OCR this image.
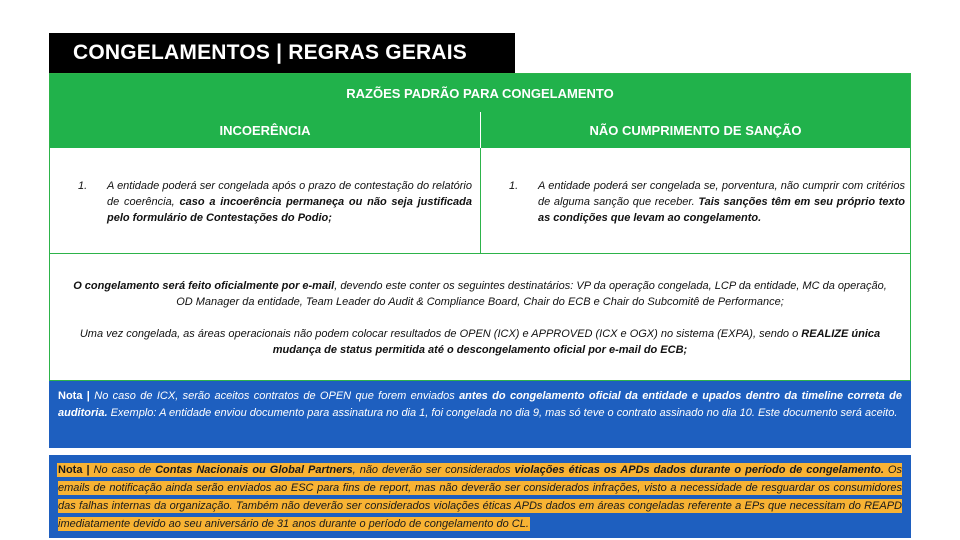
CONGELAMENTOS | REGRAS GERAIS
RAZÕES PADRÃO PARA CONGELAMENTO
INCOERÊNCIA	NÃO CUMPRIMENTO DE SANÇÃO
1. A entidade poderá ser congelada após o prazo de contestação do relatório de coerência, caso a incoerência permaneça ou não seja justificada pelo formulário de Contestações do Podio;
1. A entidade poderá ser congelada se, porventura, não cumprir com critérios de alguma sanção que receber. Tais sanções têm em seu próprio texto as condições que levam ao congelamento.
O congelamento será feito oficialmente por e-mail, devendo este conter os seguintes destinatários: VP da operação congelada, LCP da entidade, MC da operação, OD Manager da entidade, Team Leader do Audit & Compliance Board, Chair do ECB e Chair do Subcomitê de Performance;
Uma vez congelada, as áreas operacionais não podem colocar resultados de OPEN (ICX) e APPROVED (ICX e OGX) no sistema (EXPA), sendo o REALIZE única mudança de status permitida até o descongelamento oficial por e-mail do ECB;
Nota | No caso de ICX, serão aceitos contratos de OPEN que forem enviados antes do congelamento oficial da entidade e upados dentro da timeline correta de auditoria. Exemplo: A entidade enviou documento para assinatura no dia 1, foi congelada no dia 9, mas só teve o contrato assinado no dia 10. Este documento será aceito.
Nota | No caso de Contas Nacionais ou Global Partners, não deverão ser considerados violações éticas os APDs dados durante o período de congelamento. Os emails de notificação ainda serão enviados ao ESC para fins de report, mas não deverão ser considerados infrações, visto a necessidade de resguardar os consumidores das falhas internas da organização. Também não deverão ser considerados violações éticas APDs dados em áreas congeladas referente a EPs que necessitam do REAPD imediatamente devido ao seu aniversário de 31 anos durante o período de congelamento do CL.
